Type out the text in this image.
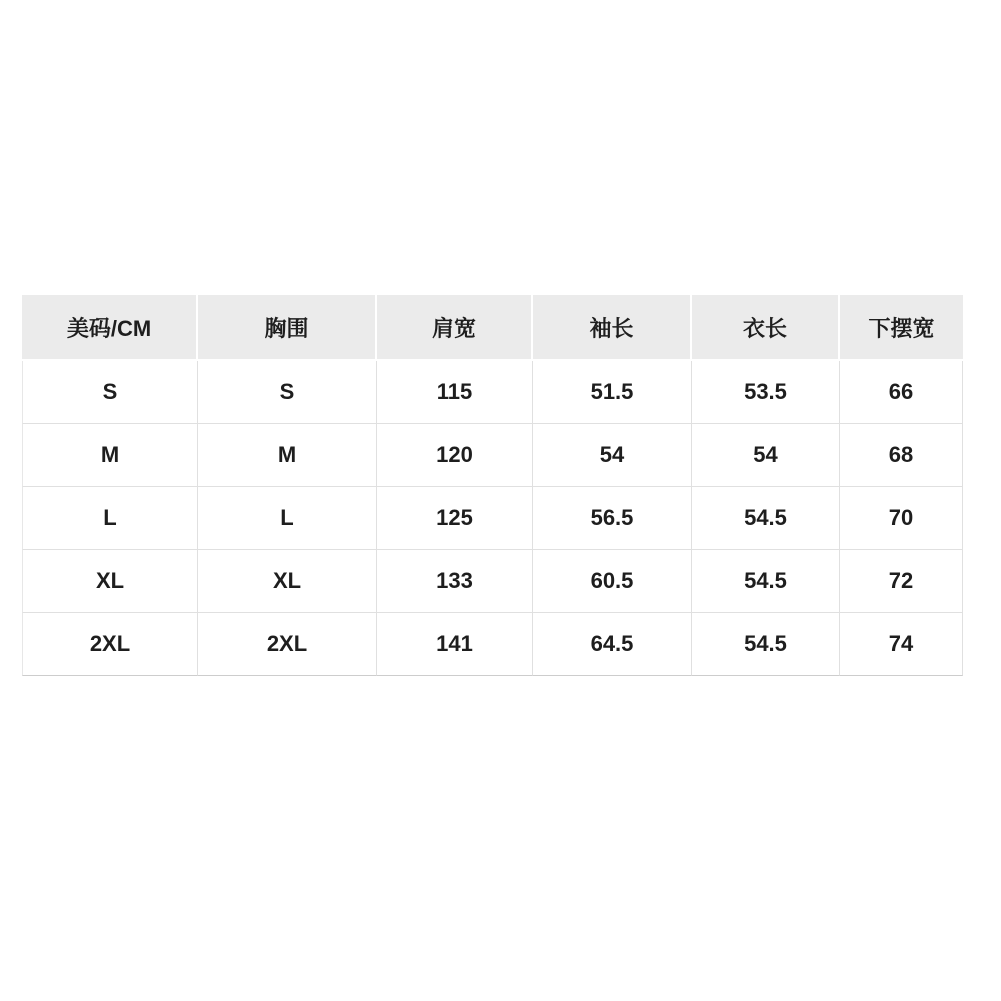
美码/CM	胸围	肩宽	袖长	衣长	下摆宽
S	S	115	51.5	53.5	66
M	M	120	54	54	68
L	L	125	56.5	54.5	70
XL	XL	133	60.5	54.5	72
2XL	2XL	141	64.5	54.5	74
